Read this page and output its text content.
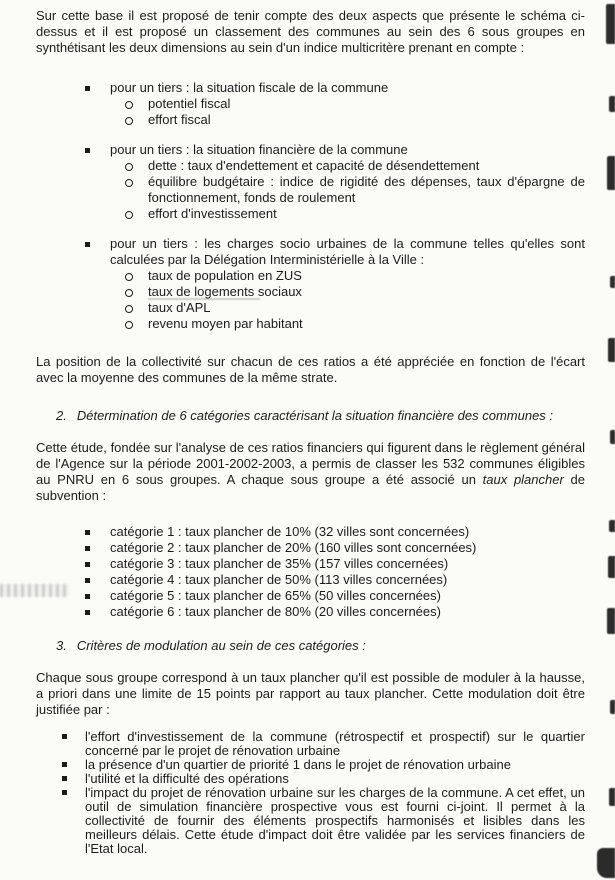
Sur cette base il est proposé de tenir compte des deux aspects que présente le schéma ci-dessus et il est proposé un classement des communes au sein des 6 sous groupes en synthétisant les deux dimensions au sein d'un indice multicritère prenant en compte :

pour un tiers : la situation fiscale de la commune
potentiel fiscal
effort fiscal
pour un tiers : la situation financière de la commune
dette : taux d'endettement et capacité de désendettement
équilibre budgétaire : indice de rigidité des dépenses, taux d'épargne de fonctionnement, fonds de roulement
effort d'investissement
pour un tiers : les charges socio urbaines de la commune telles qu'elles sont calculées par la Délégation Interministérielle à la Ville :
taux de population en ZUS
taux de logements sociaux
taux d'APL
revenu moyen par habitant

La position de la collectivité sur chacun de ces ratios a été appréciée en fonction de l'écart avec la moyenne des communes de la même strate.

2. Détermination de 6 catégories caractérisant la situation financière des communes :

Cette étude, fondée sur l'analyse de ces ratios financiers qui figurent dans le règlement général de l'Agence sur la période 2001-2002-2003, a permis de classer les 532 communes éligibles au PNRU en 6 sous groupes. A chaque sous groupe a été associé un taux plancher de subvention :

catégorie 1 : taux plancher de 10% (32 villes sont concernées)
catégorie 2 : taux plancher de 20% (160 villes sont concernées)
catégorie 3 : taux plancher de 35% (157 villes concernées)
catégorie 4 : taux plancher de 50% (113 villes concernées)
catégorie 5 : taux plancher de 65% (50 villes concernées)
catégorie 6 : taux plancher de 80% (20 villes concernées)
3. Critères de modulation au sein de ces catégories :

Chaque sous groupe correspond à un taux plancher qu'il est possible de moduler à la hausse, a priori dans une limite de 15 points par rapport au taux plancher. Cette modulation doit être justifiée par :

l'effort d'investissement de la commune (rétrospectif et prospectif) sur le quartier concerné par le projet de rénovation urbaine
la présence d'un quartier de priorité 1 dans le projet de rénovation urbaine
l'utilité et la difficulté des opérations
l'impact du projet de rénovation urbaine sur les charges de la commune. A cet effet, un outil de simulation financière prospective vous est fourni ci-joint. Il permet à la collectivité de fournir des éléments prospectifs harmonisés et lisibles dans les meilleurs délais. Cette étude d'impact doit être validée par les services financiers de l'Etat local.
